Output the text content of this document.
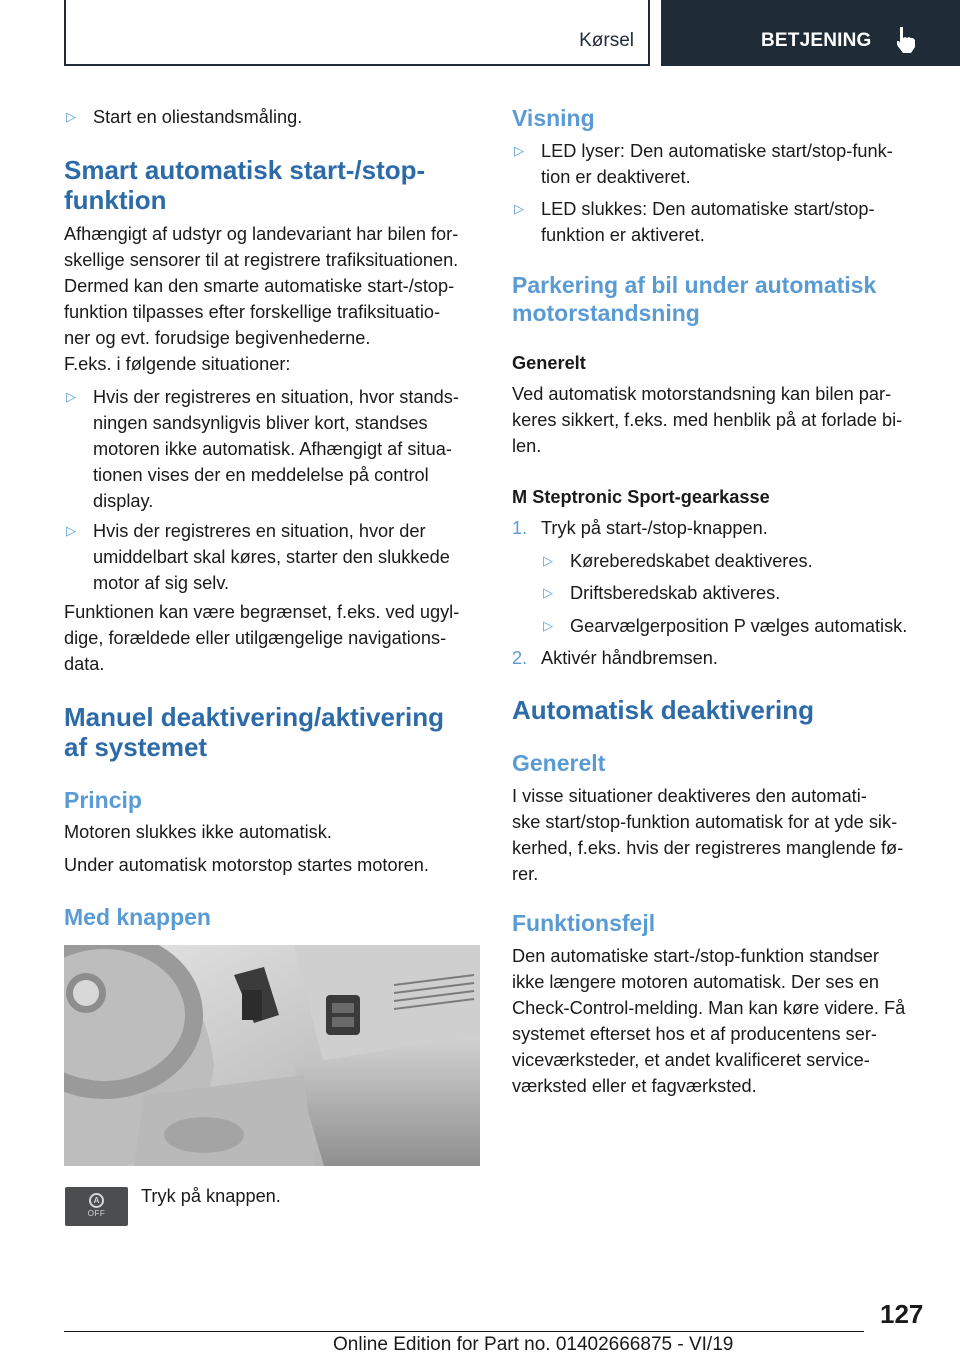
Kørsel	BETJENING
▷ Start en oliestandsmåling.
Smart automatisk start-/stop-
funktion
Afhængigt af udstyr og landevariant har bilen for-
skellige sensorer til at registrere trafiksituationen.
Dermed kan den smarte automatiske start-/stop-
funktion tilpasses efter forskellige trafiksituatio-
ner og evt. forudsige begivenhederne.
F.eks. i følgende situationer:
▷ Hvis der registreres en situation, hvor stands-
ningen sandsynligvis bliver kort, standses
motoren ikke automatisk. Afhængigt af situa-
tionen vises der en meddelelse på control
display.
▷ Hvis der registreres en situation, hvor der
umiddelbart skal køres, starter den slukkede
motor af sig selv.
Funktionen kan være begrænset, f.eks. ved ugyl-
dige, forældede eller utilgængelige navigations-
data.
Manuel deaktivering/aktivering
af systemet
Princip
Motoren slukkes ikke automatisk.
Under automatisk motorstop startes motoren.
Med knappen
A
OFF
Tryk på knappen.
Visning
▷ LED lyser: Den automatiske start/stop-funk-
tion er deaktiveret.
▷ LED slukkes: Den automatiske start/stop-
funktion er aktiveret.
Parkering af bil under automatisk
motorstandsning
Generelt
Ved automatisk motorstandsning kan bilen par-
keres sikkert, f.eks. med henblik på at forlade bi-
len.
M Steptronic Sport-gearkasse
1. Tryk på start-/stop-knappen.
▷ Køreberedskabet deaktiveres.
▷ Driftsberedskab aktiveres.
▷ Gearvælgerposition P vælges automatisk.
2. Aktivér håndbremsen.
Automatisk deaktivering
Generelt
I visse situationer deaktiveres den automati-
ske start/stop-funktion automatisk for at yde sik-
kerhed, f.eks. hvis der registreres manglende fø-
rer.
Funktionsfejl
Den automatiske start-/stop-funktion standser
ikke længere motoren automatisk. Der ses en
Check-Control-melding. Man kan køre videre. Få
systemet efterset hos et af producentens ser-
viceværksteder, et andet kvalificeret service-
værksted eller et fagværksted.
127
Online Edition for Part no. 01402666875 - VI/19
